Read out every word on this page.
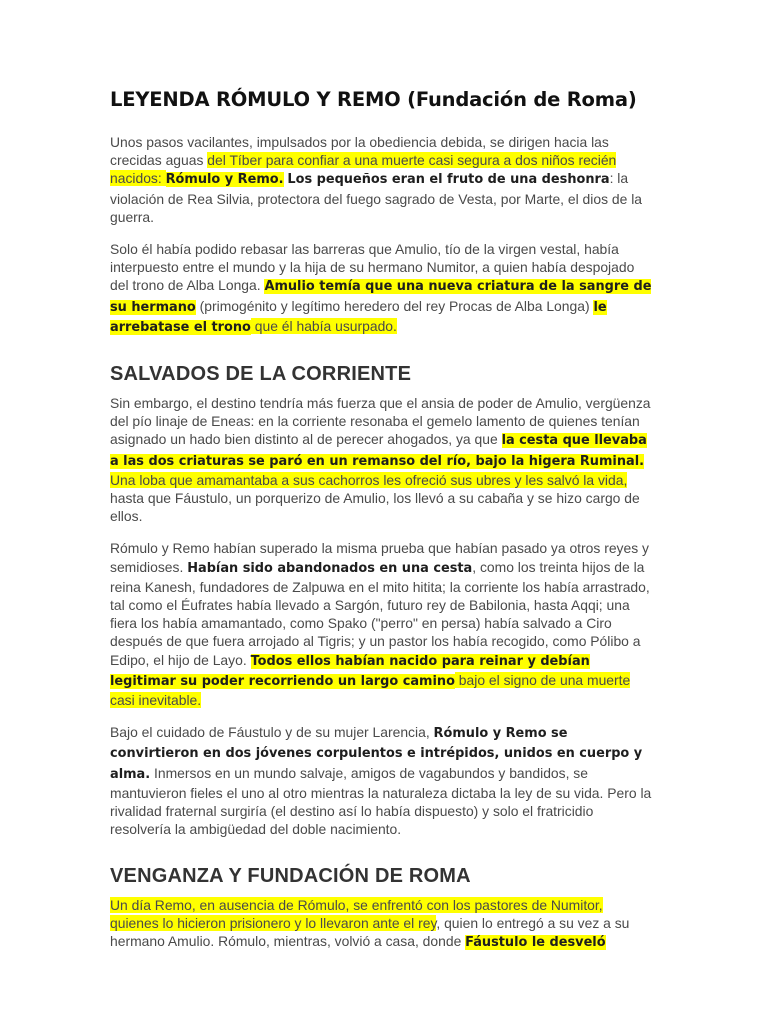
LEYENDA RÓMULO Y REMO (Fundación de Roma)

Unos pasos vacilantes, impulsados por la obediencia debida, se dirigen hacia las crecidas aguas del Tíber para confiar a una muerte casi segura a dos niños recién nacidos: Rómulo y Remo. Los pequeños eran el fruto de una deshonra: la violación de Rea Silvia, protectora del fuego sagrado de Vesta, por Marte, el dios de la guerra.

Solo él había podido rebasar las barreras que Amulio, tío de la virgen vestal, había interpuesto entre el mundo y la hija de su hermano Numitor, a quien había despojado del trono de Alba Longa. Amulio temía que una nueva criatura de la sangre de su hermano (primogénito y legítimo heredero del rey Procas de Alba Longa) le arrebatase el trono que él había usurpado.

SALVADOS DE LA CORRIENTE

Sin embargo, el destino tendría más fuerza que el ansia de poder de Amulio, vergüenza del pío linaje de Eneas: en la corriente resonaba el gemelo lamento de quienes tenían asignado un hado bien distinto al de perecer ahogados, ya que la cesta que llevaba a las dos criaturas se paró en un remanso del río, bajo la higera Ruminal. Una loba que amamantaba a sus cachorros les ofreció sus ubres y les salvó la vida, hasta que Fáustulo, un porquerizo de Amulio, los llevó a su cabaña y se hizo cargo de ellos.

Rómulo y Remo habían superado la misma prueba que habían pasado ya otros reyes y semidioses. Habían sido abandonados en una cesta, como los treinta hijos de la reina Kanesh, fundadores de Zalpuwa en el mito hitita; la corriente los había arrastrado, tal como el Éufrates había llevado a Sargón, futuro rey de Babilonia, hasta Aqqi; una fiera los había amamantado, como Spako ("perro" en persa) había salvado a Ciro después de que fuera arrojado al Tigris; y un pastor los había recogido, como Pólibo a Edipo, el hijo de Layo. Todos ellos habían nacido para reinar y debían legitimar su poder recorriendo un largo camino bajo el signo de una muerte casi inevitable.

Bajo el cuidado de Fáustulo y de su mujer Larencia, Rómulo y Remo se convirtieron en dos jóvenes corpulentos e intrépidos, unidos en cuerpo y alma. Inmersos en un mundo salvaje, amigos de vagabundos y bandidos, se mantuvieron fieles el uno al otro mientras la naturaleza dictaba la ley de su vida. Pero la rivalidad fraternal surgiría (el destino así lo había dispuesto) y solo el fratricidio resolvería la ambigüedad del doble nacimiento.

VENGANZA Y FUNDACIÓN DE ROMA

Un día Remo, en ausencia de Rómulo, se enfrentó con los pastores de Numitor, quienes lo hicieron prisionero y lo llevaron ante el rey, quien lo entregó a su vez a su hermano Amulio. Rómulo, mientras, volvió a casa, donde Fáustulo le desveló
